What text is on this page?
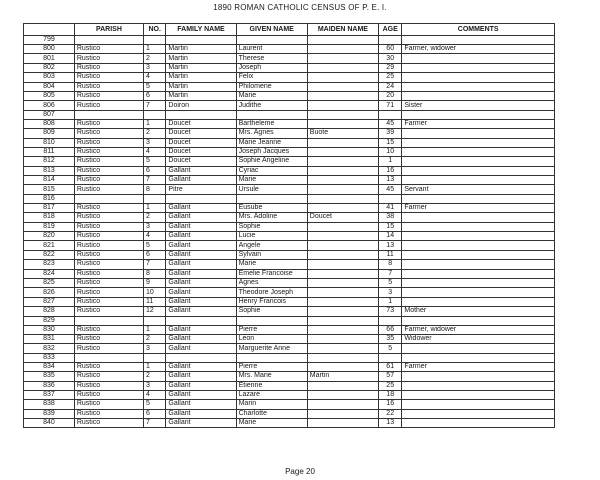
1890 ROMAN CATHOLIC CENSUS OF P. E. I.
	PARISH	NO.	FAMILY NAME	GIVEN NAME	MAIDEN NAME	AGE	COMMENTS
799							
800	Rustico	1	Martin	Laurent		60	Farmer, widower
801	Rustico	2	Martin	Therese		30	
802	Rustico	3	Martin	Joseph		29	
803	Rustico	4	Martin	Felix		25	
804	Rustico	5	Martin	Philomene		24	
805	Rustico	6	Martin	Marie		20	
806	Rustico	7	Doiron	Judithe		71	Sister
807							
808	Rustico	1	Doucet	Bartheleme		45	Farmer
809	Rustico	2	Doucet	Mrs. Agnes	Buote	39	
810	Rustico	3	Doucet	Marie Jeanne		15	
811	Rustico	4	Doucet	Joseph Jacques		10	
812	Rustico	5	Doucet	Sophie Angeline		1	
813	Rustico	6	Gallant	Cyriac		16	
814	Rustico	7	Gallant	Marie		13	
815	Rustico	8	Pitre	Ursule		45	Servant
816							
817	Rustico	1	Gallant	Eusube		41	Farmer
818	Rustico	2	Gallant	Mrs. Adoline	Doucet	38	
819	Rustico	3	Gallant	Sophie		15	
820	Rustico	4	Gallant	Lucie		14	
821	Rustico	5	Gallant	Angele		13	
822	Rustico	6	Gallant	Sylvain		11	
823	Rustico	7	Gallant	Marie		8	
824	Rustico	8	Gallant	Emelie Francoise		7	
825	Rustico	9	Gallant	Agnes		5	
826	Rustico	10	Gallant	Theodore Joseph		3	
827	Rustico	11	Gallant	Henry Francois		1	
828	Rustico	12	Gallant	Sophie		73	Mother
829							
830	Rustico	1	Gallant	Pierre		66	Farmer, widower
831	Rustico	2	Gallant	Leon		35	Widower
832	Rustico	3	Gallant	Marguerite Anne		5	
833							
834	Rustico	1	Gallant	Pierre		61	Farmer
835	Rustico	2	Gallant	Mrs. Marie	Martin	57	
836	Rustico	3	Gallant	Etienne		25	
837	Rustico	4	Gallant	Lazare		18	
838	Rustico	5	Gallant	Marin		16	
839	Rustico	6	Gallant	Charlotte		22	
840	Rustico	7	Gallant	Marie		13	
Page 20
